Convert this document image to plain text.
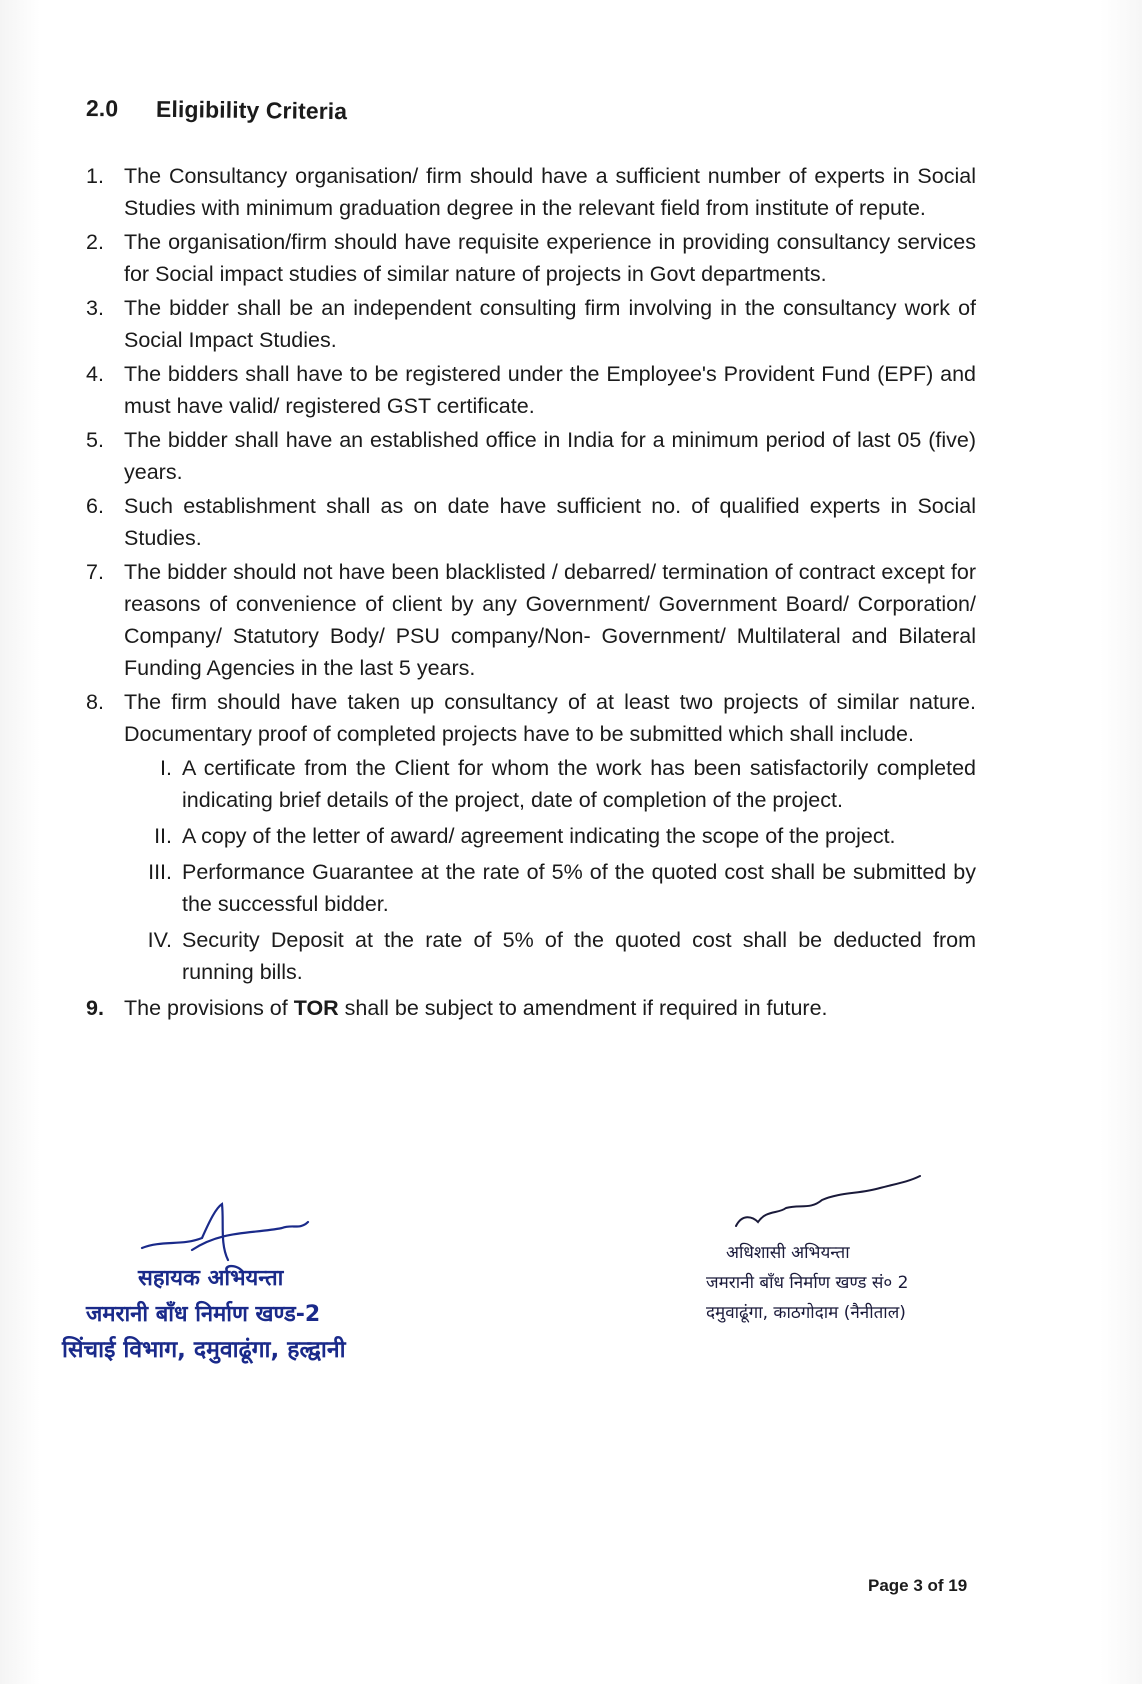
2.0 Eligibility Criteria
1. The Consultancy organisation/ firm should have a sufficient number of experts in Social Studies with minimum graduation degree in the relevant field from institute of repute.
2. The organisation/firm should have requisite experience in providing consultancy services for Social impact studies of similar nature of projects in Govt departments.
3. The bidder shall be an independent consulting firm involving in the consultancy work of Social Impact Studies.
4. The bidders shall have to be registered under the Employee's Provident Fund (EPF) and must have valid/ registered GST certificate.
5. The bidder shall have an established office in India for a minimum period of last 05 (five) years.
6. Such establishment shall as on date have sufficient no. of qualified experts in Social Studies.
7. The bidder should not have been blacklisted / debarred/ termination of contract except for reasons of convenience of client by any Government/ Government Board/ Corporation/ Company/ Statutory Body/ PSU company/Non- Government/ Multilateral and Bilateral Funding Agencies in the last 5 years.
8. The firm should have taken up consultancy of at least two projects of similar nature. Documentary proof of completed projects have to be submitted which shall include.
I. A certificate from the Client for whom the work has been satisfactorily completed indicating brief details of the project, date of completion of the project.
II. A copy of the letter of award/ agreement indicating the scope of the project.
III. Performance Guarantee at the rate of 5% of the quoted cost shall be submitted by the successful bidder.
IV. Security Deposit at the rate of 5% of the quoted cost shall be deducted from running bills.
9. The provisions of TOR shall be subject to amendment if required in future.
सहायक अभियन्ता
जमरानी बाँध निर्माण खण्ड-2
सिंचाई विभाग, दमुवाढूंगा, हल्द्वानी
अधिशासी अभियन्ता
जमरानी बाँध निर्माण खण्ड सं० 2
दमुवाढूंगा, काठगोदाम (नैनीताल)
Page 3 of 19
